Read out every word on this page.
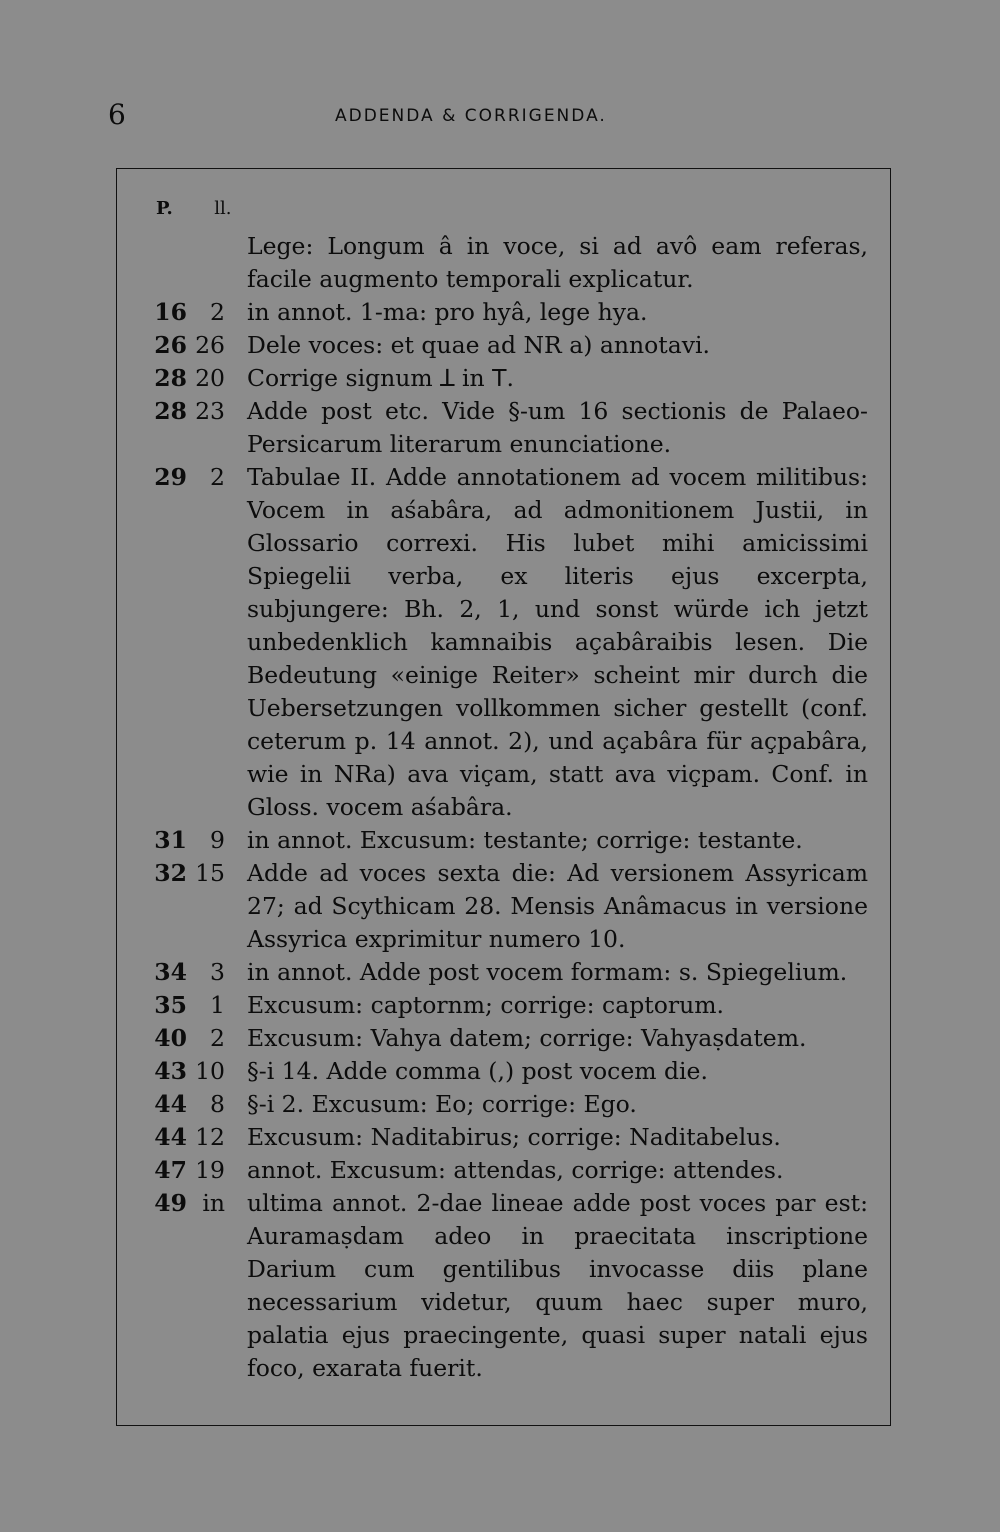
6	ADDENDA & CORRIGENDA.
P. ll.
Lege: Longum â in voce, si ad avô eam referas, facile augmento temporali explicatur.
16 2 in annot. 1-ma: pro hyâ, lege hya.
26 26 Dele voces: et quae ad NR a) annotavi.
28 20 Corrige signum ꓕ in ꓔ.
28 23 Adde post etc. Vide §-um 16 sectionis de Palaeo-Persicarum literarum enunciatione.
29 2 Tabulae II. Adde annotationem ad vocem militibus: Vocem in aśabâra, ad admonitionem Justii, in Glossario correxi. His lubet mihi amicissimi Spiegelii verba, ex literis ejus excerpta, subjungere: Bh. 2, 1, und sonst würde ich jetzt unbedenklich kamnaibis açabâraibis lesen. Die Bedeutung «einige Reiter» scheint mir durch die Uebersetzungen vollkommen sicher gestellt (conf. ceterum p. 14 annot. 2), und açabâra für açpabâra, wie in NRa) ava viçam, statt ava viçpam. Conf. in Gloss. vocem aśabâra.
31 9 in annot. Excusum: testante; corrige: testante.
32 15 Adde ad voces sexta die: Ad versionem Assyricam 27; ad Scythicam 28. Mensis Anâmacus in versione Assyrica exprimitur numero 10.
34 3 in annot. Adde post vocem formam: s. Spiegelium.
35 1 Excusum: captornm; corrige: captorum.
40 2 Excusum: Vahya datem; corrige: Vahyaṣdatem.
43 10 §-i 14. Adde comma (,) post vocem die.
44 8 §-i 2. Excusum: Eo; corrige: Ego.
44 12 Excusum: Naditabirus; corrige: Naditabelus.
47 19 annot. Excusum: attendas, corrige: attendes.
49 in ultima annot. 2-dae lineae adde post voces par est: Auramaṣdam adeo in praecitata inscriptione Darium cum gentilibus invocasse diis plane necessarium videtur, quum haec super muro, palatia ejus praecingente, quasi super natali ejus foco, exarata fuerit.
